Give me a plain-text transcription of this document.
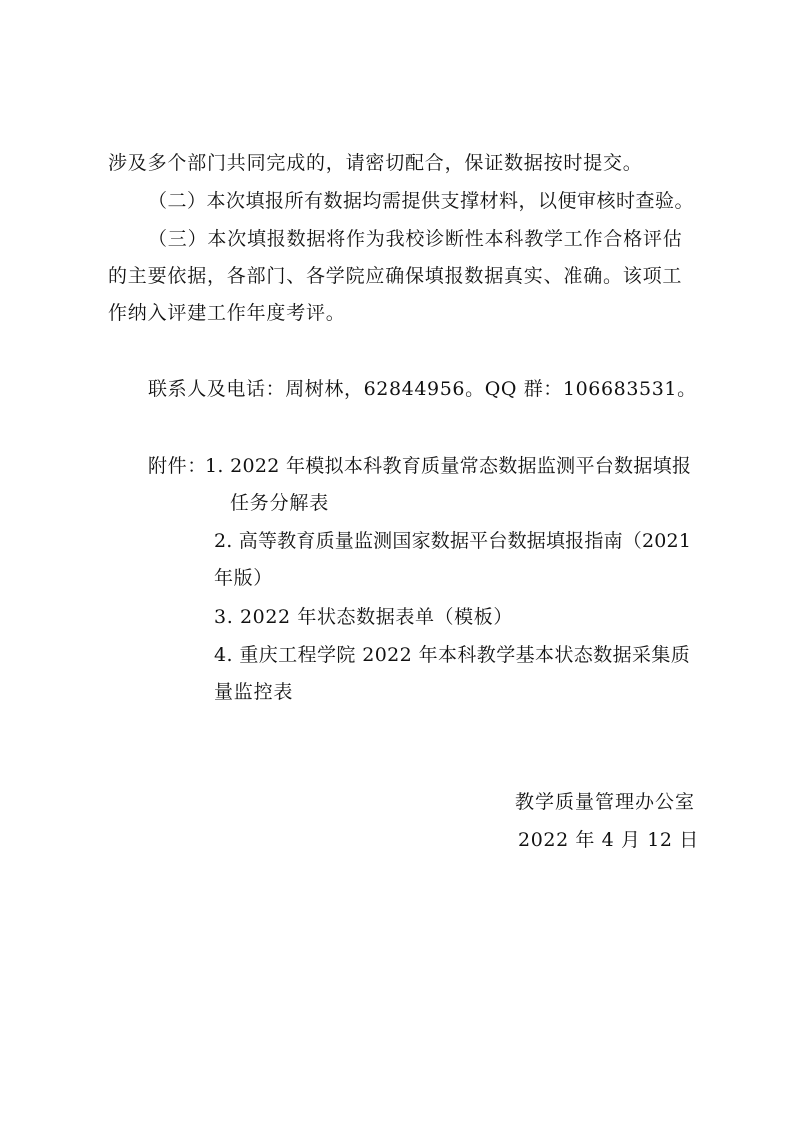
涉及多个部门共同完成的，请密切配合，保证数据按时提交。
（二）本次填报所有数据均需提供支撑材料，以便审核时查验。
（三）本次填报数据将作为我校诊断性本科教学工作合格评估
的主要依据，各部门、各学院应确保填报数据真实、准确。该项工
作纳入评建工作年度考评。
联系人及电话：周树林，62844956。QQ 群：106683531。
附件：
1. 2022 年模拟本科教育质量常态数据监测平台数据填报
任务分解表
2. 高等教育质量监测国家数据平台数据填报指南（2021
年版）
3. 2022 年状态数据表单（模板）
4. 重庆工程学院 2022 年本科教学基本状态数据采集质
量监控表
教学质量管理办公室
2022 年 4 月 12 日
